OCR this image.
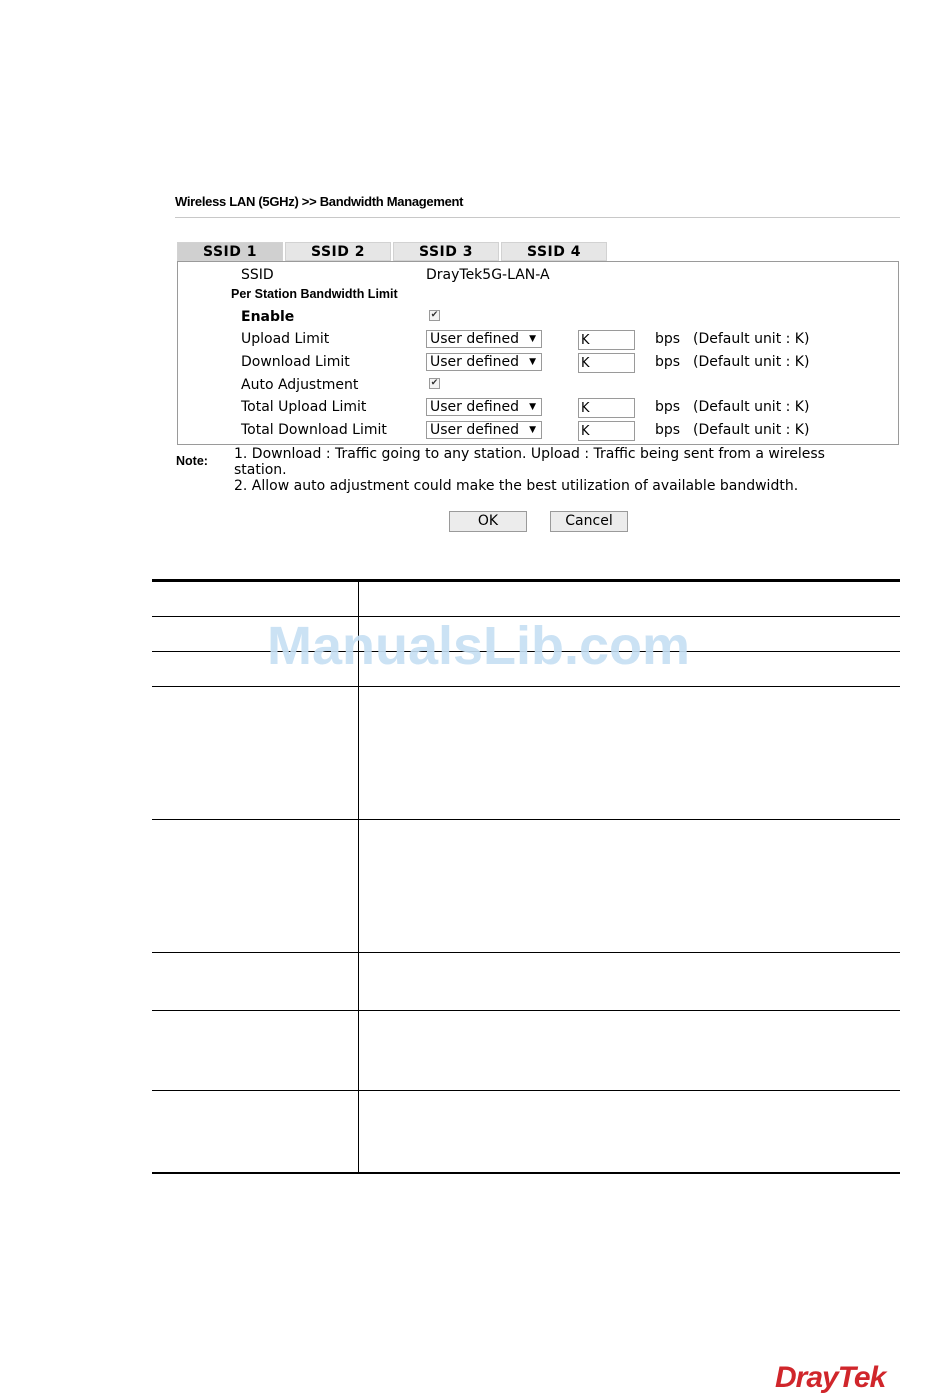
Wireless LAN (5GHz) >> Bandwidth Management
SSID 1	SSID 2	SSID 3	SSID 4
SSID	DrayTek5G-LAN-A
Per Station Bandwidth Limit
Enable	✔
Upload Limit	User defined ▼	K	bps (Default unit : K)
Download Limit	User defined ▼	K	bps (Default unit : K)
Auto Adjustment	✔
Total Upload Limit	User defined ▼	K	bps (Default unit : K)
Total Download Limit	User defined ▼	K	bps (Default unit : K)
Note: 1. Download : Traffic going to any station. Upload : Traffic being sent from a wireless
station.
2. Allow auto adjustment could make the best utilization of available bandwidth.
OK	Cancel
ManualsLib.com
DrayTek
